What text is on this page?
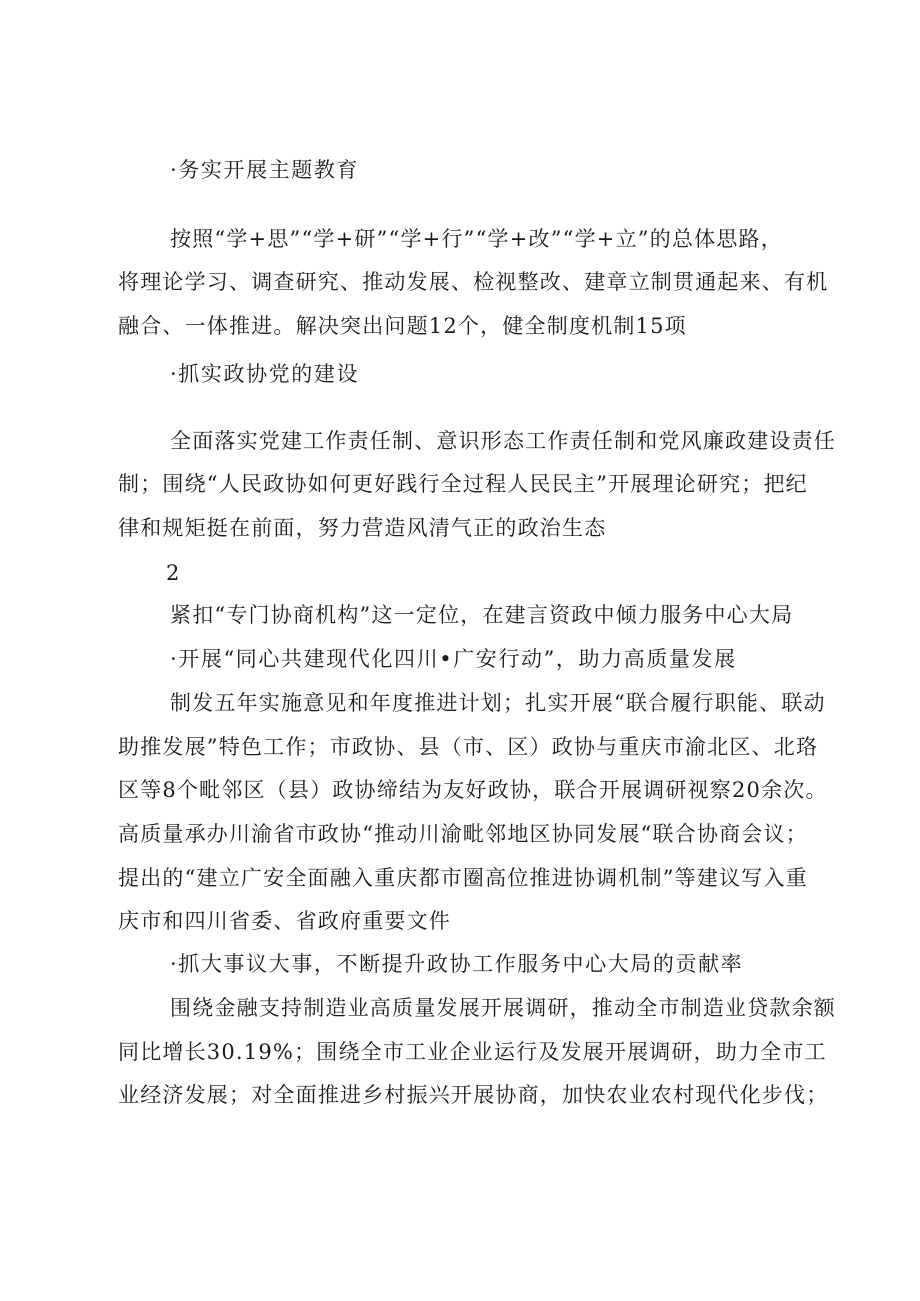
·务实开展主题教育
按照“学+思”“学+研”“学+行”“学+改”“学+立”的总体思路，
将理论学习、调查研究、推动发展、检视整改、建章立制贯通起来、有机
融合、一体推进。解决突出问题12个，健全制度机制15项
·抓实政协党的建设
全面落实党建工作责任制、意识形态工作责任制和党风廉政建设责任
制；围绕“人民政协如何更好践行全过程人民民主”开展理论研究；把纪
律和规矩挺在前面，努力营造风清气正的政治生态
2
紧扣“专门协商机构”这一定位，在建言资政中倾力服务中心大局
·开展“同心共建现代化四川•广安行动”，助力高质量发展
制发五年实施意见和年度推进计划；扎实开展“联合履行职能、联动
助推发展”特色工作；市政协、县（市、区）政协与重庆市渝北区、北珞
区等8个毗邻区（县）政协缔结为友好政协，联合开展调研视察20余次。
高质量承办川渝省市政协“推动川渝毗邻地区协同发展“联合协商会议；
提出的“建立广安全面融入重庆都市圈高位推进协调机制”等建议写入重
庆市和四川省委、省政府重要文件
·抓大事议大事，不断提升政协工作服务中心大局的贡献率
围绕金融支持制造业高质量发展开展调研，推动全市制造业贷款余额
同比增长30.19%；围绕全市工业企业运行及发展开展调研，助力全市工
业经济发展；对全面推进乡村振兴开展协商，加快农业农村现代化步伐；
